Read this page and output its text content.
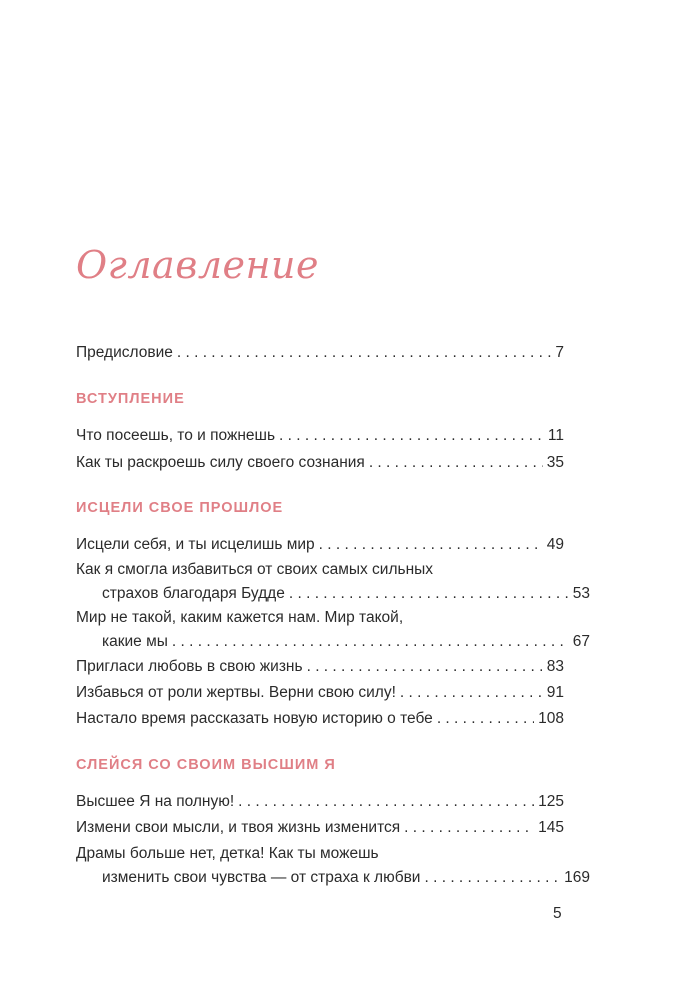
Оглавление
Предисловие . . .	7
ВСТУПЛЕНИЕ
Что посеешь, то и пожнешь . . .	11
Как ты раскроешь силу своего сознания . . .	35
ИСЦЕЛИ СВОЕ ПРОШЛОЕ
Исцели себя, и ты исцелишь мир . . .	49
Как я смогла избавиться от своих самых сильных
страхов благодаря Будде . . .	53
Мир не такой, каким кажется нам. Мир такой,
какие мы . . .	67
Пригласи любовь в свою жизнь . . .	83
Избавься от роли жертвы. Верни свою силу! . . .	91
Настало время рассказать новую историю о тебе . . .	108
СЛЕЙСЯ СО СВОИМ ВЫСШИМ Я
Высшее Я на полную! . . .	125
Измени свои мысли, и твоя жизнь изменится . . .	145
Драмы больше нет, детка! Как ты можешь
изменить свои чувства — от страха к любви . . .	169
5
